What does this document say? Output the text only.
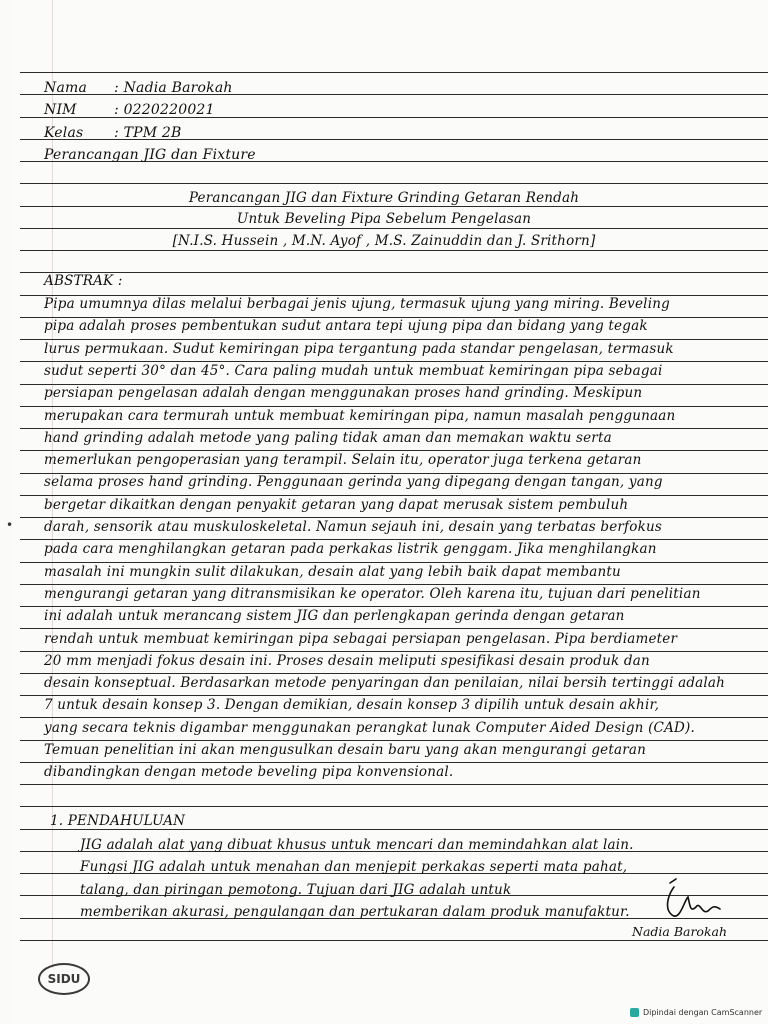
•
Nama : Nadia Barokah
NIM	: 0220220021
Kelas : TPM 2B
Perancangan JIG dan Fixture
Perancangan JIG dan Fixture Grinding Getaran Rendah
Untuk Beveling Pipa Sebelum Pengelasan
[N.I.S. Hussein , M.N. Ayof , M.S. Zainuddin dan J. Srithorn]
ABSTRAK :
Pipa umumnya dilas melalui berbagai jenis ujung, termasuk ujung yang miring. Beveling
pipa adalah proses pembentukan sudut antara tepi ujung pipa dan bidang yang tegak
lurus permukaan. Sudut kemiringan pipa tergantung pada standar pengelasan, termasuk
sudut seperti 30° dan 45°. Cara paling mudah untuk membuat kemiringan pipa sebagai
persiapan pengelasan adalah dengan menggunakan proses hand grinding. Meskipun
merupakan cara termurah untuk membuat kemiringan pipa, namun masalah penggunaan
hand grinding adalah metode yang paling tidak aman dan memakan waktu serta
memerlukan pengoperasian yang terampil. Selain itu, operator juga terkena getaran
selama proses hand grinding. Penggunaan gerinda yang dipegang dengan tangan, yang
bergetar dikaitkan dengan penyakit getaran yang dapat merusak sistem pembuluh
darah, sensorik atau muskuloskeletal. Namun sejauh ini, desain yang terbatas berfokus
pada cara menghilangkan getaran pada perkakas listrik genggam. Jika menghilangkan
masalah ini mungkin sulit dilakukan, desain alat yang lebih baik dapat membantu
mengurangi getaran yang ditransmisikan ke operator. Oleh karena itu, tujuan dari penelitian
ini adalah untuk merancang sistem JIG dan perlengkapan gerinda dengan getaran
rendah untuk membuat kemiringan pipa sebagai persiapan pengelasan. Pipa berdiameter
20 mm menjadi fokus desain ini. Proses desain meliputi spesifikasi desain produk dan
desain konseptual. Berdasarkan metode penyaringan dan penilaian, nilai bersih tertinggi adalah
7 untuk desain konsep 3. Dengan demikian, desain konsep 3 dipilih untuk desain akhir,
yang secara teknis digambar menggunakan perangkat lunak Computer Aided Design (CAD).
Temuan penelitian ini akan mengusulkan desain baru yang akan mengurangi getaran
dibandingkan dengan metode beveling pipa konvensional.
1. PENDAHULUAN
JIG adalah alat yang dibuat khusus untuk mencari dan memindahkan alat lain.
Fungsi JIG adalah untuk menahan dan menjepit perkakas seperti mata pahat,
talang, dan piringan pemotong. Tujuan dari JIG adalah untuk
memberikan akurasi, pengulangan dan pertukaran dalam produk manufaktur.
Nadia Barokah
SIDU
Dipindai dengan CamScanner
